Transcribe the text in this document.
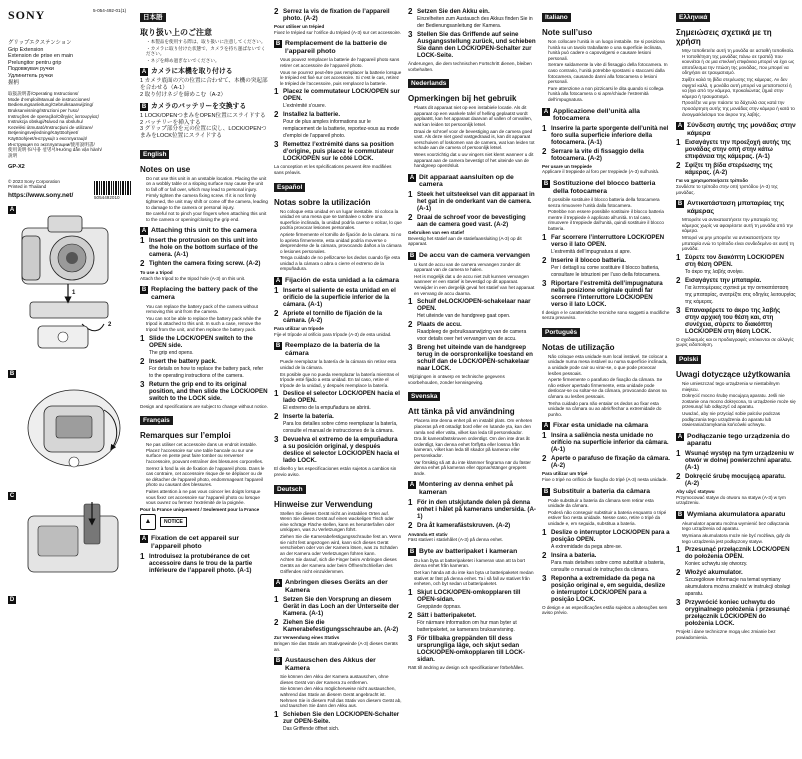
SONY	5-054-492-01(1)
グリップエクステンション
Grip Extension
Extension de prise en main
Prelungitor pentru grip
Подовжувач ручки
Удлинитель ручки
握柄
取扱説明書/Operating Instructions/
Mode d’emploi/Manual de instrucciones/
Bedienungsanleitung/Gebruiksaanwijzing/
Bruksanvisning/Istruzioni per l’uso/
Instruções de operação/Οδηγίες λειτουργίας/
Instrukcja obsługi/Návod na obsluhu/
Kezelési útmutató/Instrucţiuni de utilizare/
Betjeningsvejledning/Käyttöohjeet/
Käyttöohjeet/Інструкції з експлуатації/
Инструкция по эксплуатации/使用說明書/
使用说明书/사용 설명서/Hướng dẫn vận hành/
說明
GP-X2
© 2023 Sony Corporation
Printed in Thailand
https://www.sony.net/	5054492010
A
1
2
B
C
D
日本語
取り扱い上のご注意
• ・本製品を使用する際は、取り扱いに注意してください。
• ・カメラに取り付けた状態で、カメラを持ち運ばないでください。
• ・ネジを締め過ぎないでください。
A カメラに本機を取り付ける
1 カメラ底面の穴の位置に合わせて、本機の突起部を合わせる（A-1）
2 取り付けネジを締めこむ（A-2）
B カメラのバッテリーを交換する
1 LOCK/OPENつまみをOPEN位置にスライドする
2 バッテリーを挿入する
3 グリップ部分を元の位置に戻し、LOCK/OPENつまみをLOCK位置にスライドする
English
Notes on use
• Do not use this unit in an unstable location. Placing the unit on a wobbly table or a sloping surface may cause the unit to fall off or fall over, which may lead to personal injury.
• Firmly tighten the camera fixing screw. If it is not firmly tightened, the unit may shift or come off the camera, leading to damage to the camera or personal injury.
• Be careful not to pinch your fingers when attaching this unit to the camera or opening/closing the grip end.
A Attaching this unit to the camera
1 Insert the protrusion on this unit into the hole on the bottom surface of the camera. (A-1)
2 Tighten the camera fixing screw. (A-2)
To use a tripod
Attach the tripod to the tripod hole (A-3) on this unit.
B Replacing the battery pack of the camera
• You can replace the battery pack of the camera without removing this unit from the camera.
• You can not be able to replace the battery pack while the tripod is attached to this unit. In such a case, remove the tripod from the unit, and then replace the battery pack.
1 Slide the LOCK/OPEN switch to the OPEN side.
The grip end opens.
2 Insert the battery pack.
For details on how to replace the battery pack, refer to the operating instructions of the camera.
3 Return the grip end to its original position, and then slide the LOCK/OPEN switch to the LOCK side.
Design and specifications are subject to change without notice.
Français
Remarques sur l’emploi
• Ne pas utiliser cet accessoire dans un endroit instable. Placez l’accessoire sur une table bancale ou sur une surface en pente peut faire tomber ou renverser l’accessoire, pouvant entraîner des blessures corporelles.
• Serrez à fond la vis de fixation de l’appareil photo. Dans le cas contraire, cet accessoire risque de se déplacer ou de se détacher de l’appareil photo, endommageant l’appareil photo ou causant des blessures.
• Faites attention à ne pas vous coincer les doigts lorsque vous fixez cet accessoire sur l’appareil photo ou lorsque vous ouvrez ou fermez l’extrémité de la poignée.
Pour la France uniquement / Seulement pour la France
▲	NOTICE
A Fixation de cet appareil sur l’appareil photo
1 Introduisez la protubérance de cet accessoire dans le trou de la partie inférieure de l’appareil photo. (A-1)
2 Serrez la vis de fixation de l’appareil photo. (A-2)
Pour utiliser un trépied
Fixez le trépied sur l’orifice du trépied (A-3) sur cet accessoire.
B Remplacement de la batterie de l’appareil photo
• Vous pouvez remplacer la batterie de l’appareil photo sans retirer cet accessoire de l’appareil photo.
• Vous ne pourrez peut-être pas remplacer la batterie lorsque le trépied est fixé sur cet accessoire. Si c’est le cas, retirez le trépied de l’accessoire, puis remplacez la batterie.
1 Placez le commutateur LOCK/OPEN sur OPEN.
L’extrémité s’ouvre.
2 Installez la batterie.
Pour de plus amples informations sur le remplacement de la batterie, reportez-vous au mode d’emploi de l’appareil photo.
3 Remettez l’extrémité dans sa position d’origine, puis placez le commutateur LOCK/OPEN sur le côté LOCK.
La conception et les spécifications peuvent être modifiées sans préavis.
Español
Notas sobre la utilización
• No coloque esta unidad en un lugar inestable. Si coloca la unidad en una mesa que se tambalee o sobre una superficie inclinada, la unidad podría caerse o volcar, lo que podría provocar lesiones personales.
• Apriete firmemente el tornillo de fijación de la cámara. Si no lo aprieta firmemente, esta unidad podría moverse o desprenderse de la cámara, provocando daños a la cámara o lesiones personales.
• Tenga cuidado de no pellizcarse los dedos cuando fije esta unidad a la cámara o abra o cierre el extremo de la empuñadura.
A Fijación de esta unidad a la cámara
1 Inserte el saliente de esta unidad en el orificio de la superficie inferior de la cámara. (A-1)
2 Apriete el tornillo de fijación de la cámara. (A-2)
Para utilizar un trípode
Fije el trípode al orificio para trípode (A-3) de esta unidad.
B Reemplazo de la batería de la cámara
• Puede reemplazar la batería de la cámara sin retirar esta unidad de la cámara.
• Es posible que no pueda reemplazar la batería mientras el trípode esté fijado a esta unidad. En tal caso, retire el trípode de la unidad, y después reemplace la batería.
1 Deslice el selector LOCK/OPEN hacia el lado OPEN.
El extremo de la empuñadura se abrirá.
2 Inserte la batería.
Para los detalles sobre cómo reemplazar la batería, consulte el manual de instrucciones de la cámara.
3 Devuelva el extremo de la empuñadura a su posición original, y después deslice el selector LOCK/OPEN hacia el lado LOCK.
El diseño y las especificaciones están sujetos a cambios sin previo aviso.
Deutsch
Hinweise zur Verwendung
• Stellen Sie dieses Gerät nicht an instabilen Orten auf. Wenn Sie dieses Gerät auf einen wackeligen Tisch oder eine schräge Fläche stellen, kann es herunterfallen oder umkippen, was zu Verletzungen führt.
• Ziehen Sie die Kamerabefestigungsschraube fest an. Wenn sie nicht fest angezogen wird, kann sich dieses Gerät verschieben oder von der Kamera lösen, was zu Schäden an der Kamera oder Verletzungen führen kann.
• Achten Sie darauf, sich die Finger beim Anbringen dieses Geräts an der Kamera oder beim Öffnen/Schließen des Griffendes nicht einzuklemmen.
A Anbringen dieses Geräts an der Kamera
1 Setzen Sie den Vorsprung an diesem Gerät in das Loch an der Unterseite der Kamera. (A-1)
2 Ziehen Sie die Kamerabefestigungsschraube an. (A-2)
Zur Verwendung eines Stativs
Bringen Sie das Stativ am Stativgewinde (A-3) dieses Geräts an.
B Austauschen des Akkus der Kamera
• Sie können den Akku der Kamera austauschen, ohne dieses Gerät von der Kamera zu entfernen.
• Sie können den Akku möglicherweise nicht austauschen, während das Stativ an diesem Gerät angebracht ist. Nehmen Sie in diesem Fall das Stativ von diesem Gerät ab, und tauschen Sie dann den Akku aus.
1 Schieben Sie den LOCK/OPEN-Schalter zur OPEN-Seite.
Das Griffende öffnet sich.
2 Setzen Sie den Akku ein.
Einzelheiten zum Austausch des Akkus finden Sie in der Bedienungsanleitung der Kamera.
3 Stellen Sie das Griffende auf seine Ausgangsstellung zurück, und schieben Sie dann den LOCK/OPEN-Schalter zur LOCK-Seite.
Änderungen, die dem technischen Fortschritt dienen, bleiben vorbehalten.
Nederlands
Opmerkingen bij het gebruik
• Plaats dit apparaat niet op een instabiele locatie. Als dit apparaat op een wankele tafel of helling geplaatst wordt geplaatst, kan het apparaat daarvan af vallen of omvallen, wat kan leiden tot persoonlijk letsel.
• Draai de schroef voor de bevestiging aan de camera goed vast. Als deze niet goed vastgedraaid is, kan dit apparaat verschuiven of loskomen van de camera, wat kan leiden tot schade aan de camera of persoonlijk letsel.
• Wees voorzichtig dat u uw vingers niet klemt wanneer u dit apparaat aan de camera bevestigt of het uiteinde van de handgreep opent/sluit.
A Dit apparaat aansluiten op de camera
1 Steek het uitsteeksel van dit apparaat in het gat in de onderkant van de camera. (A-1)
2 Draai de schroef voor de bevestiging aan de camera goed vast. (A-2)
Gebruiken van een statief
Bevestig het statief aan de statiefaansluiting (A-3) op dit apparaat.
B De accu van de camera vervangen
• U kunt de accu van de camera vervangen zonder dit apparaat van de camera te halen.
• Het is mogelijk dat u de accu niet zult kunnen vervangen wanneer er een statief is bevestigd op dit apparaat. Verwijder in een dergelijk geval het statief van het apparaat en vervang de accu daarna.
1 Schuif deLOCK/OPEN-schakelaar naar OPEN.
Het uiteinde van de handgreep gaat open.
2 Plaats de accu.
Raadpleeg de gebruiksaanwijzing van de camera voor details over het vervangen van de accu.
3 Breng het uiteinde van de handgreep terug in de oorspronkelijke toestand en schuif dan de LOCK/OPEN-schakelaar naar LOCK.
Wijzigingen in ontwerp en technische gegevens voorbehouden, zonder kennisgeving.
Svenska
Att tänka på vid användning
• Placera inte denna enhet på en instabil plats. Om enheten placeras på ett ostadigt bord eller en lutande yta, kan den ramla ned eller välta, vilket kan leda till personskador.
• Dra åt kamerafästskruven ordentligt. Om den inte dras åt ordentligt, kan denna enhet förflytta eller lossna från kameran, vilket kan leda till skador på kameran eller personskador.
• Var försiktig så att du inte klämmer fingrarna när du fäster denna enhet på kameran eller öppnar/stänger greppets ände.
A Montering av denna enhet på kameran
1 För in den utskjutande delen på denna enhet i hålet på kamerans undersida. (A-1)
2 Dra åt kamerafästskruven. (A-2)
Använda ett stativ
Fäst stativet i stativhålet (A-3) på denna enhet.
B Byte av batteripaket i kameran
• Du kan byta ut batteripaketet i kameran utan att ta bort denna enhet från kameran.
• Det kan hända att du inte kan byta ut batteripaketet medan stativet är fäst på denna enhet. Ta i så fall av stativet från enheten, och byt sedan ut batteripaketet.
1 Skjut LOCK/OPEN-omkopplaren till OPEN-sidan.
Greppände öppnas.
2 Sätt i batteripaketet.
För närmare information om hur man byter ut batteripaketet, se kamerans bruksanvisning.
3 För tillbaka greppänden till dess ursprungliga läge, och skjut sedan LOCK/OPEN-omkopplaren till LOCK-sidan.
Rätt till ändring av design och specifikationer förbehålles.
Italiano
Note sull’uso
• Non collocare l’unità in un luogo instabile. Se si posiziona l’unità su un tavolo traballante o una superficie inclinata, l’unità può cadere o capovolgersi e causare lesioni personali.
• Serrare saldamente la vite di fissaggio della fotocamera. In caso contrario, l’unità potrebbe spostarsi o staccarsi dalla fotocamera, causando danni alla fotocamera o lesioni personali.
• Fare attenzione a non pizzicarsi le dita quando si collega l’unità alla fotocamera o si apre/chiude l’estremità dell’impugnatura.
A Applicazione dell’unità alla fotocamera
1 Inserire la parte sporgente dell’unità nel foro sulla superficie inferiore della fotocamera. (A-1)
2 Serrare la vite di fissaggio della fotocamera. (A-2)
Per usare un treppiede
Applicare il treppiede al foro per treppiede (A-3) sull’unità.
B Sostituzione del blocco batteria della fotocamera
• È possibile sostituire il blocco batteria della fotocamera senza rimuovere l’unità dalla fotocamera.
• Potrebbe non essere possibile sostituire il blocco batteria mentre il treppiede è applicato all’unità. In tal caso, rimuovere il treppiede dall’unità, quindi sostituire il blocco batteria.
1 Far scorrere l’interruttore LOCK/OPEN verso il lato OPEN.
L’estremità dell’impugnatura si apre.
2 Inserire il blocco batteria.
Per i dettagli su come sostituire il blocco batteria, consultare le istruzioni per l’uso della fotocamera.
3 Riportare l’estremità dell’impugnatura nella posizione originale quindi far scorrere l’interruttore LOCK/OPEN verso il lato LOCK.
Il design e le caratteristiche tecniche sono soggetti a modifiche senza preavviso.
Português
Notas de utilização
• Não coloque esta unidade num local instável. Se colocar a unidade numa mesa instável ou numa superfície inclinada, a unidade pode cair ou virar-se, o que pode provocar lesões pessoais.
• Aperte firmemente o parafuso de fixação da câmara. Se não estiver apertado firmemente, esta unidade pode deslocar-se ou soltar-se da câmara, provocando danos na câmara ou lesões pessoais.
• Tenha cuidado para não entalar os dedos ao fixar esta unidade na câmara ou ao abrir/fechar a extremidade do punho.
A Fixar esta unidade na câmara
1 Insira a saliência nesta unidade no orifício na superfície inferior da câmara. (A-1)
2 Aperte o parafuso de fixação da câmara. (A-2)
Para utilizar um tripé
Fixe o tripé no orifício de fixação do tripé (A-3) nesta unidade.
B Substituir a bateria da câmara
• Pode substituir a bateria da câmara sem retirar esta unidade da câmara.
• Poderá não conseguir substituir a bateria enquanto o tripé estiver fixo nesta unidade. Nesse caso, retire o tripé da unidade e, em seguida, substitua a bateria.
1 Deslize o interruptor LOCK/OPEN para a posição OPEN.
A extremidade da pega abre-se.
2 Insira a bateria.
Para mais detalhes sobre como substituir a bateria, consulte o manual de instruções da câmara.
3 Reponha a extremidade da pega na posição original e, em seguida, deslize o interruptor LOCK/OPEN para a posição LOCK.
O design e as especificações estão sujeitos a alterações sem aviso prévio.
Ελληνικά
Σημειώσεις σχετικά με τη χρήση
• Μην τοποθετείτε αυτή τη μονάδα σε ασταθή τοποθεσία. Η τοποθέτηση της μονάδας πάνω σε τραπέζι που κουνιέται ή σε μια επικλινή επιφάνεια μπορεί να έχει ως αποτέλεσμα την πτώση της μονάδας, που μπορεί να οδηγήσει σε τραυματισμό.
• Σφίξτε καλά τη βίδα στερέωσης της κάμερας. Αν δεν σφιχτεί καλά, η μονάδα αυτή μπορεί να μετατοπιστεί ή να βγει από την κάμερα, προκαλώντας ζημιά στην κάμερα ή τραυματισμό.
• Προσέξτε να μην πιάσετε τα δάχτυλά σας κατά την προσάρτηση αυτής της μονάδας στην κάμερα ή κατά το άνοιγμα/κλείσιμο του άκρου της λαβής.
A Σύνδεση αυτής της μονάδας στην κάμερα
1 Εισαγάγετε την προεξοχή αυτής της μονάδας στην οπή στην κάτω επιφάνεια της κάμερας. (A-1)
2 Σφίξτε τη βίδα στερέωσης της κάμερας. (A-2)
Για να χρησιμοποιήσετε τρίποδο
Συνδέστε το τρίποδο στην οπή τριπόδου (A-3) της μονάδας.
B Αντικατάσταση μπαταρίας της κάμερας
• Μπορείτε να αντικαταστήσετε την μπαταρία της κάμερας χωρίς να αφαιρέσετε αυτή τη μονάδα από την κάμερα.
• Μπορεί να μην μπορείτε να αντικαταστήσετε την μπαταρία ενώ το τρίποδο είναι συνδεδεμένο σε αυτή τη μονάδα.
1 Σύρετε τον διακόπτη LOCK/OPEN στη θέση OPEN.
Το άκρο της λαβής ανοίγει.
2 Εισαγάγετε την μπαταρία.
Για λεπτομέρειες σχετικά με την αντικατάσταση της μπαταρίας, ανατρέξτε στις οδηγίες λειτουργίας της κάμερας.
3 Επαναφέρετε το άκρο της λαβής στην αρχική του θέση και, στη συνέχεια, σύρετε το διακόπτη LOCK/OPEN στη θέση LOCK.
Ο σχεδιασμός και οι προδιαγραφές υπόκεινται σε αλλαγές χωρίς ειδοποίηση.
Polski
Uwagi dotyczące użytkowania
• Nie umieszczać tego urządzenia w niestabilnym miejscu.
• Dokręcić mocno śrubę mocującą aparatu. Jeśli nie zostanie ona mocno dokręcona, to urządzenie może się przesunąć lub odłączyć od aparatu.
• Uważać, aby nie przyciąć sobie palców podczas podłączania tego urządzenia do aparatu lub otwierania/zamykania końcówki uchwytu.
A Podłączanie tego urządzenia do aparatu
1 Wsunąć występ na tym urządzeniu w otwór w dolnej powierzchni aparatu. (A-1)
2 Dokręcić śrubę mocującą aparatu. (A-2)
Aby użyć statywu
Przymocować statyw do otworu na statyw (A-3) w tym urządzeniu.
B Wymiana akumulatora aparatu
• Akumulator aparatu można wymienić bez odłączania tego urządzenia od aparatu.
• Wymiana akumulatora może nie być możliwa, gdy do tego urządzenia jest podłączony statyw.
1 Przesunąć przełącznik LOCK/OPEN do położenia OPEN.
Koniec uchwytu się otworzy.
2 Włożyć akumulator.
Szczegółowe informacje na temat wymiany akumulatora można znaleźć w instrukcji obsługi aparatu.
3 Przywrócić koniec uchwytu do oryginalnego położenia i przesunąć przełącznik LOCK/OPEN do położenia LOCK.
Projekt i dane techniczne mogą ulec zmianie bez powiadomienia.
